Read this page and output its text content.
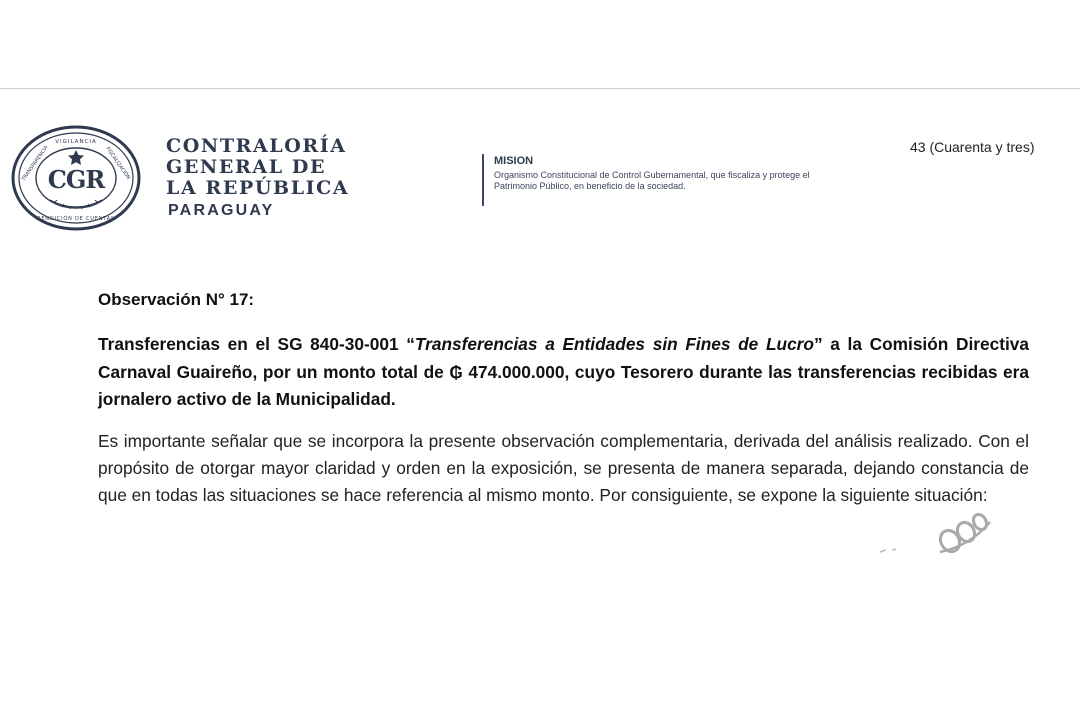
VIGILANCIA
TRANSPARENCIA	FISCALIZACIÓN
RENDICIÓN DE CUENTAS
CGR
CONTRALORÍA
GENERAL DE
LA REPÚBLICA
PARAGUAY
MISION
Organismo Constitucional de Control Gubernamental, que fiscaliza y protege el Patrimonio Público, en beneficio de la sociedad.
43 (Cuarenta y tres)
Observación N° 17:
Transferencias en el SG 840-30-001 “Transferencias a Entidades sin Fines de Lucro” a la Comisión Directiva Carnaval Guaireño, por un monto total de ₲ 474.000.000, cuyo Tesorero durante las transferencias recibidas era jornalero activo de la Municipalidad.
Es importante señalar que se incorpora la presente observación complementaria, derivada del análisis realizado. Con el propósito de otorgar mayor claridad y orden en la exposición, se presenta de manera separada, dejando constancia de que en todas las situaciones se hace referencia al mismo monto. Por consiguiente, se expone la siguiente situación:
